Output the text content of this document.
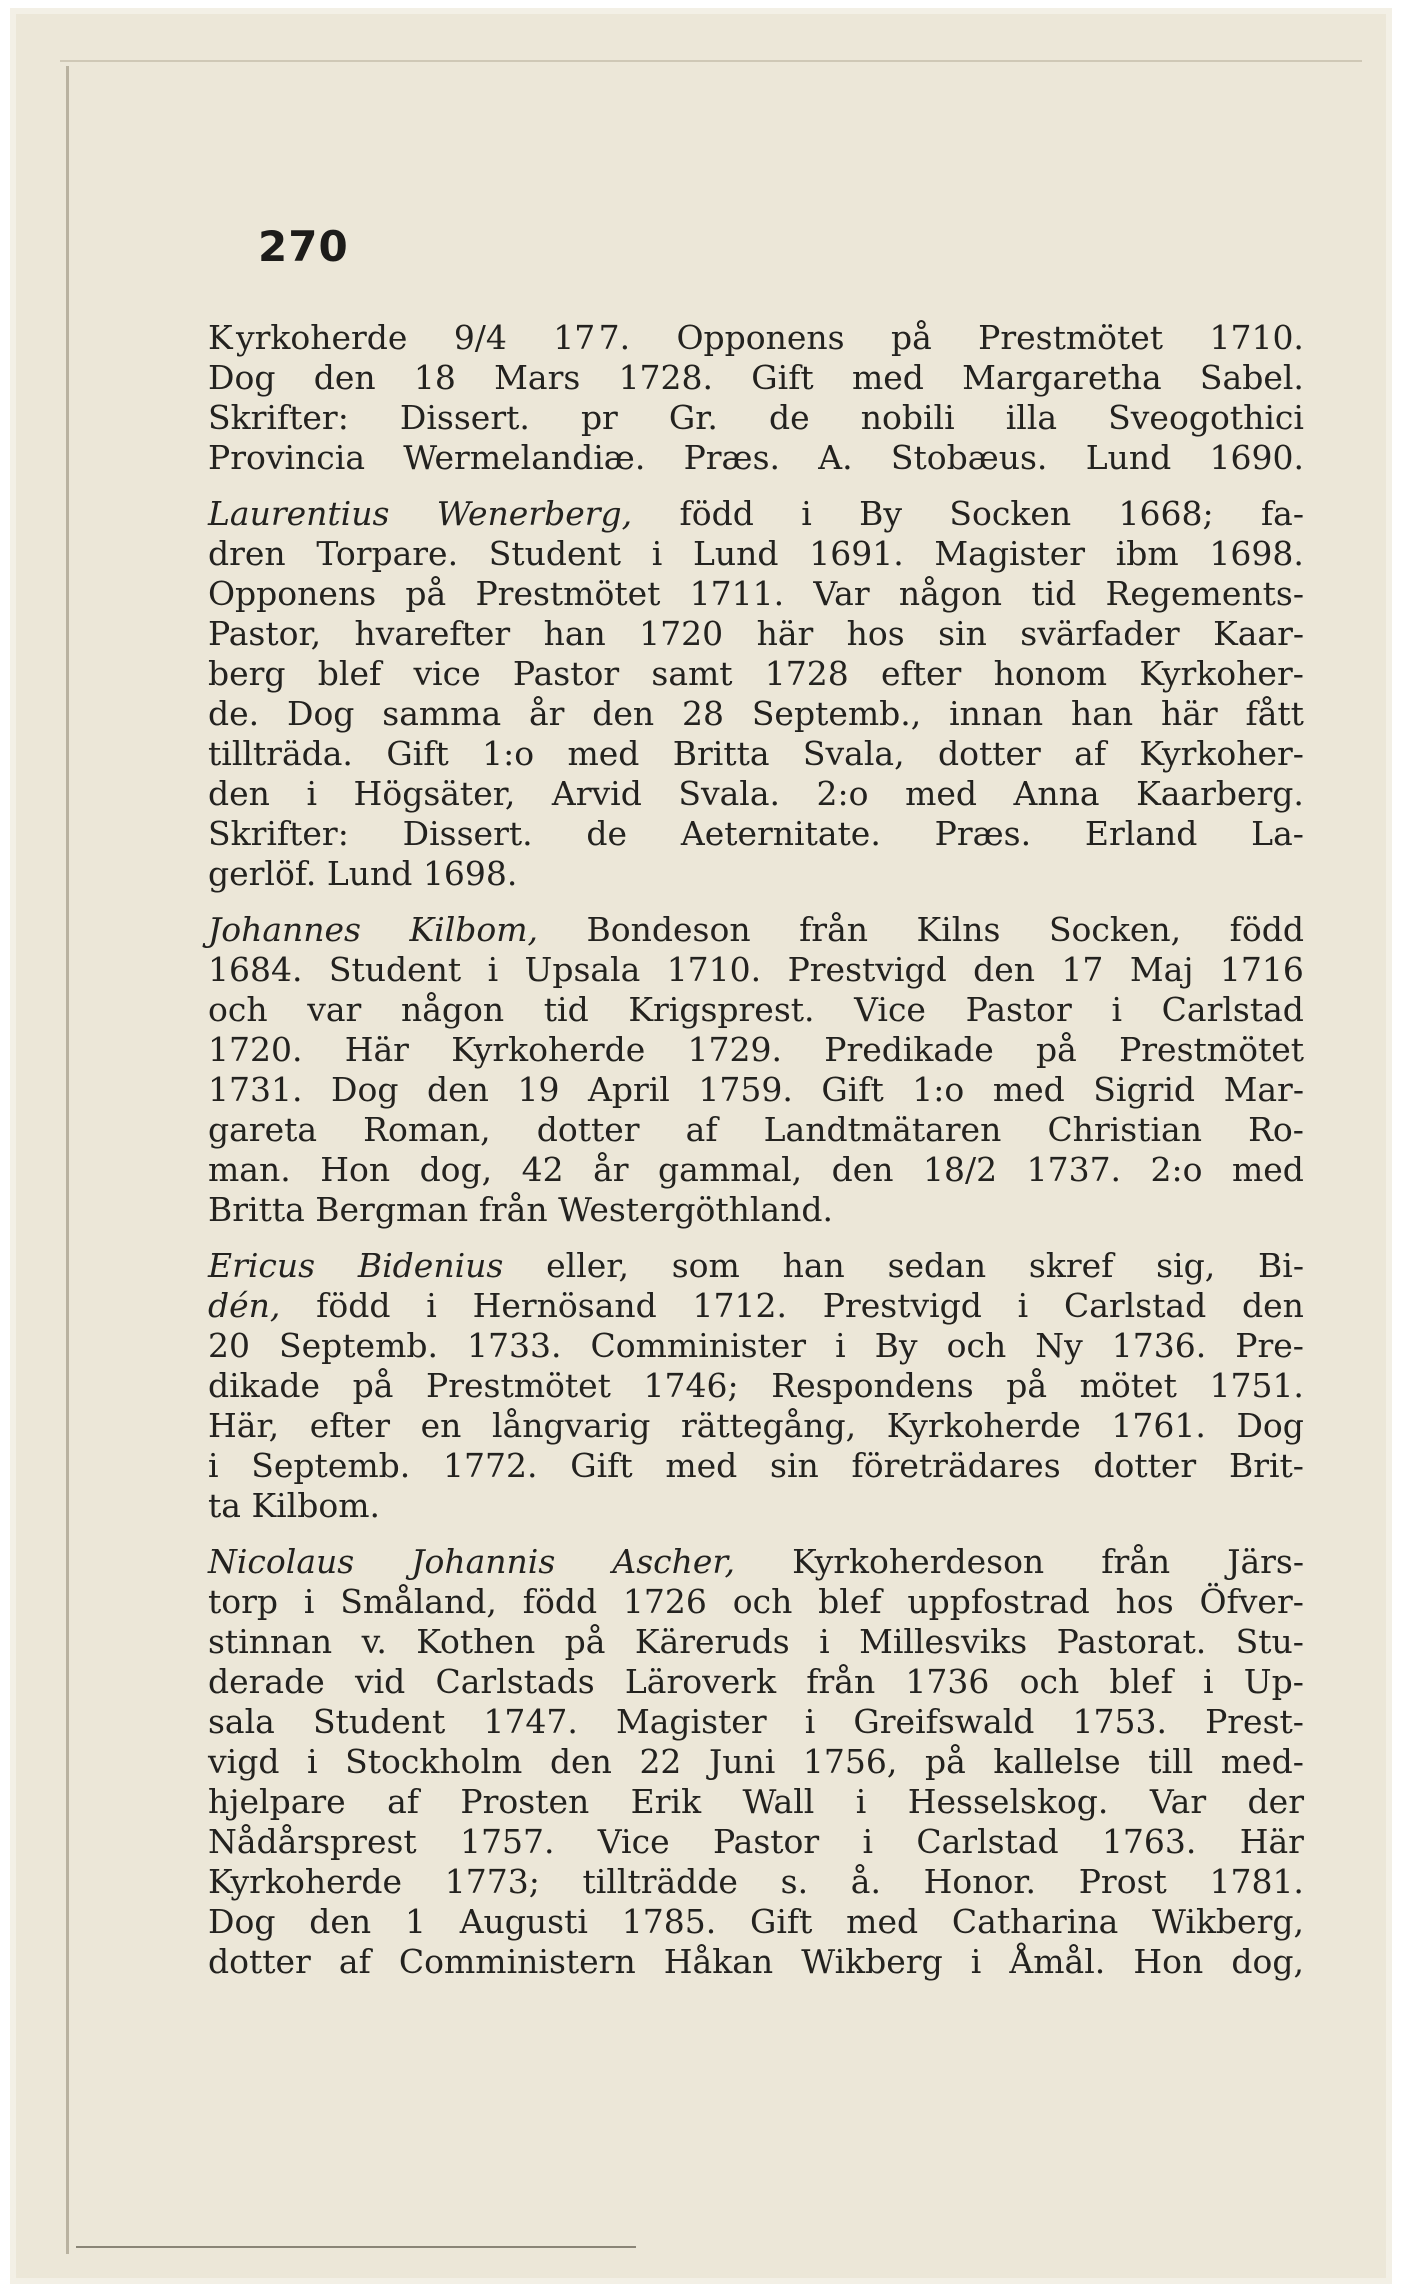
270
K yrkoherde 9/4 17 7. Opponens på Prestmötet 1710.
Dog den 18 Mars 1728. Gift med Margaretha Sabel.
Skrifter: Dissert. pr Gr. de nobili illa Sveogothici
Provincia Wermelandiæ. Præs. A. Stobæus. Lund 1690.
Laurentius Wenerberg, född i By Socken 1668; fa-
dren Torpare. Student i Lund 1691. Magister ibm 1698.
Opponens på Prestmötet 1711. Var någon tid Regements-
Pastor, hvarefter han 1720 här hos sin svärfader Kaar-
berg blef vice Pastor samt 1728 efter honom Kyrkoher-
de. Dog samma år den 28 Septemb., innan han här fått
tillträda. Gift 1:o med Britta Svala, dotter af Kyrkoher-
den i Högsäter, Arvid Svala. 2:o med Anna Kaarberg.
Skrifter: Dissert. de Aeternitate. Præs. Erland La-
gerlöf.
Lund
1698.
Johannes Kilbom, Bondeson från Kilns Socken, född
1684. Student i Upsala 1710. Prestvigd den 17 Maj 1716
och var någon tid Krigsprest. Vice Pastor i Carlstad
1720. Här Kyrkoherde 1729. Predikade på Prestmötet
1731. Dog den 19 April 1759. Gift 1:o med Sigrid Mar-
gareta Roman, dotter af Landtmätaren Christian Ro-
man. Hon dog, 42 år gammal, den 18/2 1737. 2:o med
Britta
Bergman
från
Westergöthland.
Ericus Bidenius eller, som han sedan skref sig, Bi-
dén, född i Hernösand 1712. Prestvigd i Carlstad den
20 Septemb. 1733. Comminister i By och Ny 1736. Pre-
dikade på Prestmötet 1746; Respondens på mötet 1751.
Här, efter en långvarig rättegång, Kyrkoherde 1761. Dog
i Septemb. 1772. Gift med sin företrädares dotter Brit-
ta
Kilbom.
Nicolaus Johannis Ascher, Kyrkoherdeson från Järs-
torp i Småland, född 1726 och blef uppfostrad hos Öfver-
stinnan v. Kothen på Käreruds i Millesviks Pastorat. Stu-
derade vid Carlstads Läroverk från 1736 och blef i Up-
sala Student 1747. Magister i Greifswald 1753. Prest-
vigd i Stockholm den 22 Juni 1756, på kallelse till med-
hjelpare af Prosten Erik Wall i Hesselskog. Var der
Nådårsprest 1757. Vice Pastor i Carlstad 1763. Här
Kyrkoherde 1773; tillträdde s. å. Honor. Prost 1781.
Dog den 1 Augusti 1785. Gift med Catharina Wikberg,
dotter af Comministern Håkan Wikberg i Åmål. Hon dog,
